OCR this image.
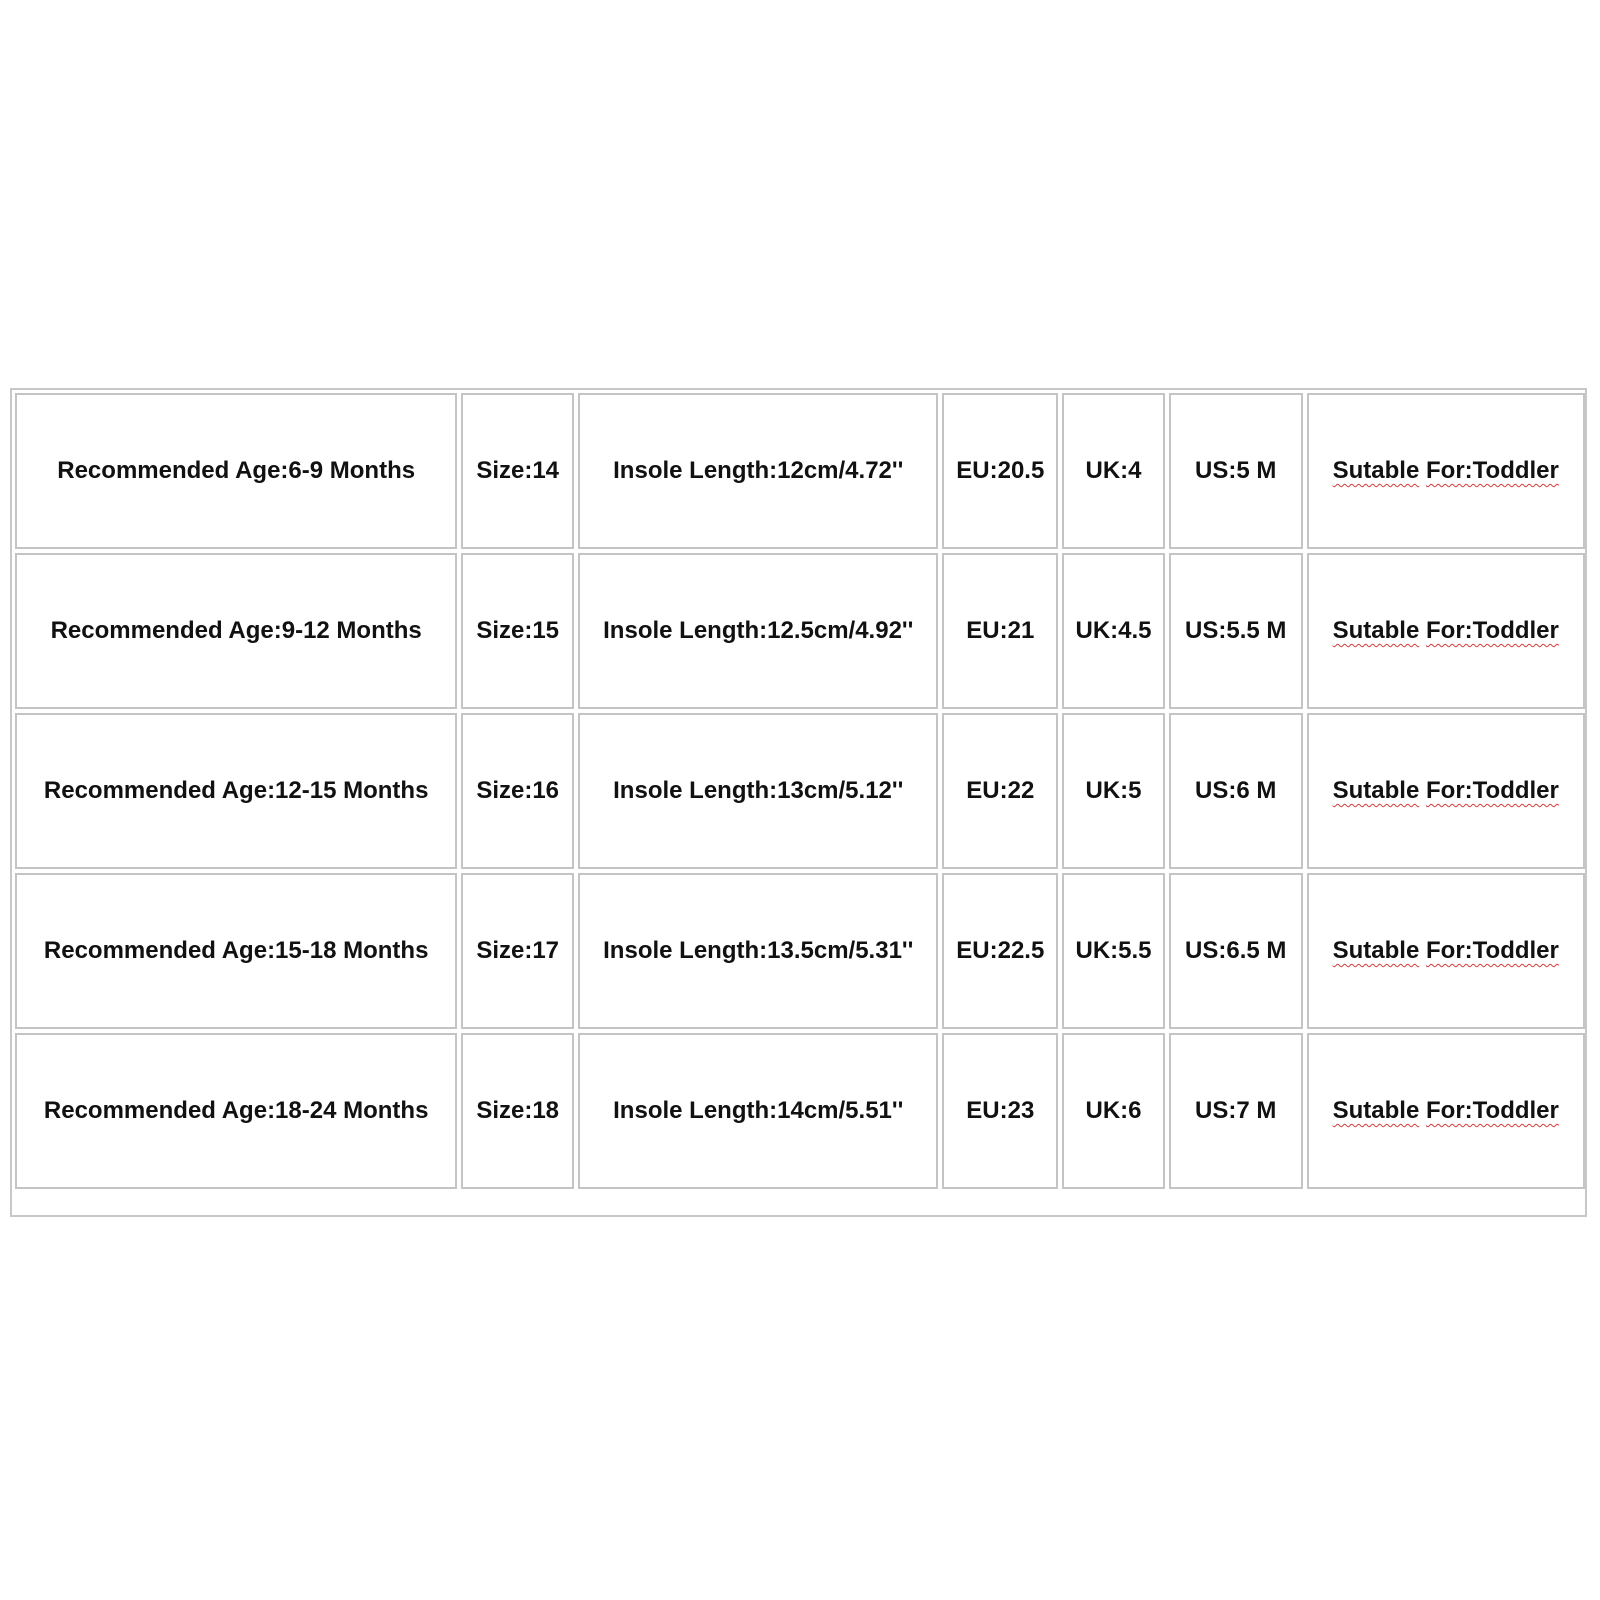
Recommended Age:6-9 Months	Size:14	Insole Length:12cm/4.72''	EU:20.5	UK:4	US:5 M	Sutable For:Toddler
Recommended Age:9-12 Months	Size:15	Insole Length:12.5cm/4.92''	EU:21	UK:4.5	US:5.5 M	Sutable For:Toddler
Recommended Age:12-15 Months	Size:16	Insole Length:13cm/5.12''	EU:22	UK:5	US:6 M	Sutable For:Toddler
Recommended Age:15-18 Months	Size:17	Insole Length:13.5cm/5.31''	EU:22.5	UK:5.5	US:6.5 M	Sutable For:Toddler
Recommended Age:18-24 Months	Size:18	Insole Length:14cm/5.51''	EU:23	UK:6	US:7 M	Sutable For:Toddler
